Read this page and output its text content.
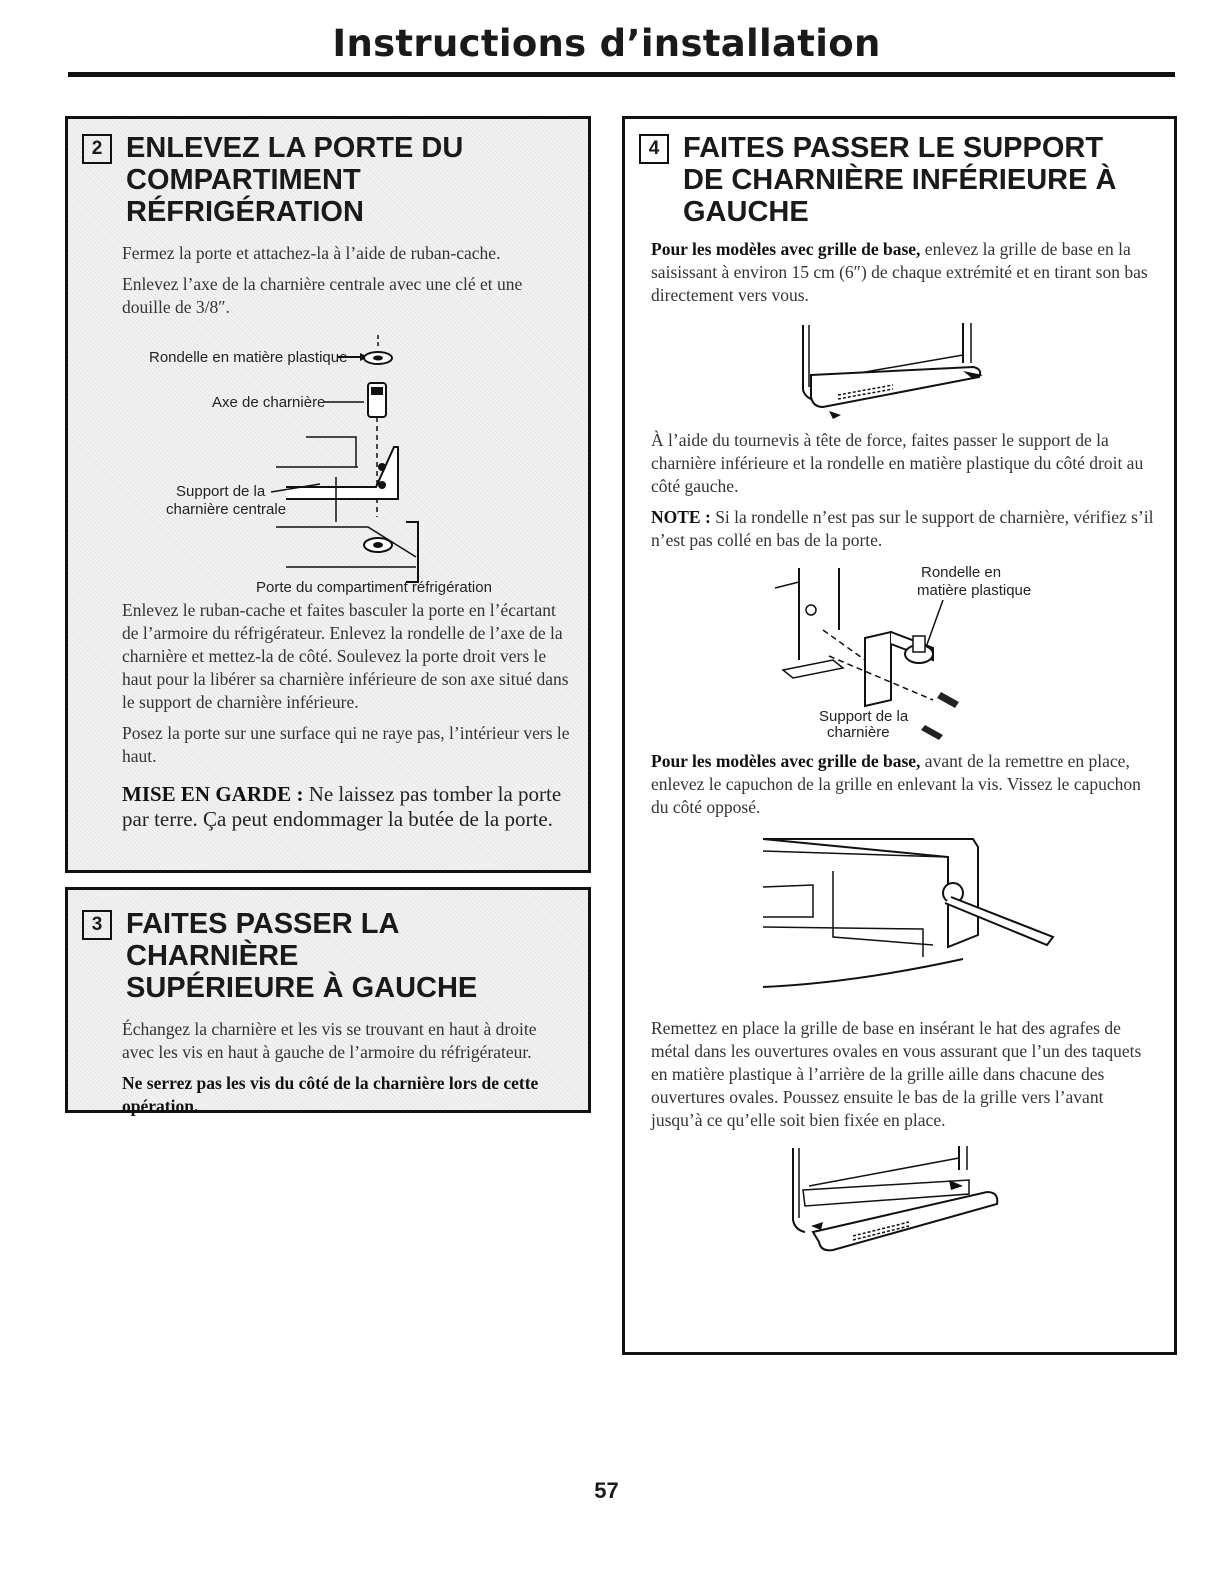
Instructions d’installation
2 ENLEVEZ LA PORTE DU
COMPARTIMENT RÉFRIGÉRATION

Fermez la porte et attachez-la à l’aide de ruban-cache.

Enlevez l’axe de la charnière centrale avec une clé et une douille de 3/8″.

Rondelle en matière plastique
Axe de charnière
Support de la
charnière centrale
Porte du compartiment réfrigération

Enlevez le ruban-cache et faites basculer la porte en l’écartant de l’armoire du réfrigérateur. Enlevez la rondelle de l’axe de la charnière et mettez-la de côté. Soulevez la porte droit vers le haut pour la libérer sa charnière inférieure de son axe situé dans le support de charnière inférieure.

Posez la porte sur une surface qui ne raye pas, l’intérieur vers le haut.

MISE EN GARDE : Ne laissez pas tomber la porte par terre. Ça peut endommager la butée de la porte.

3 FAITES PASSER LA CHARNIÈRE
SUPÉRIEURE À GAUCHE

Échangez la charnière et les vis se trouvant en haut à droite avec les vis en haut à gauche de l’armoire du réfrigérateur.

Ne serrez pas les vis du côté de la charnière lors de cette opération.

4 FAITES PASSER LE SUPPORT
DE CHARNIÈRE INFÉRIEURE À
GAUCHE

Pour les modèles avec grille de base, enlevez la grille de base en la saisissant à environ 15 cm (6″) de chaque extrémité et en tirant son bas directement vers vous.

À l’aide du tournevis à tête de force, faites passer le support de la charnière inférieure et la rondelle en matière plastique du côté droit au côté gauche.

NOTE : Si la rondelle n’est pas sur le support de charnière, vérifiez s’il n’est pas collé en bas de la porte.

Rondelle en
matière plastique
Support de la
charnière

Pour les modèles avec grille de base, avant de la remettre en place, enlevez le capuchon de la grille en enlevant la vis. Vissez le capuchon du côté opposé.

Remettez en place la grille de base en insérant le hat des agrafes de métal dans les ouvertures ovales en vous assurant que l’un des taquets en matière plastique à l’arrière de la grille aille dans chacune des ouvertures ovales. Poussez ensuite le bas de la grille vers l’avant jusqu’à ce qu’elle soit bien fixée en place.

57
